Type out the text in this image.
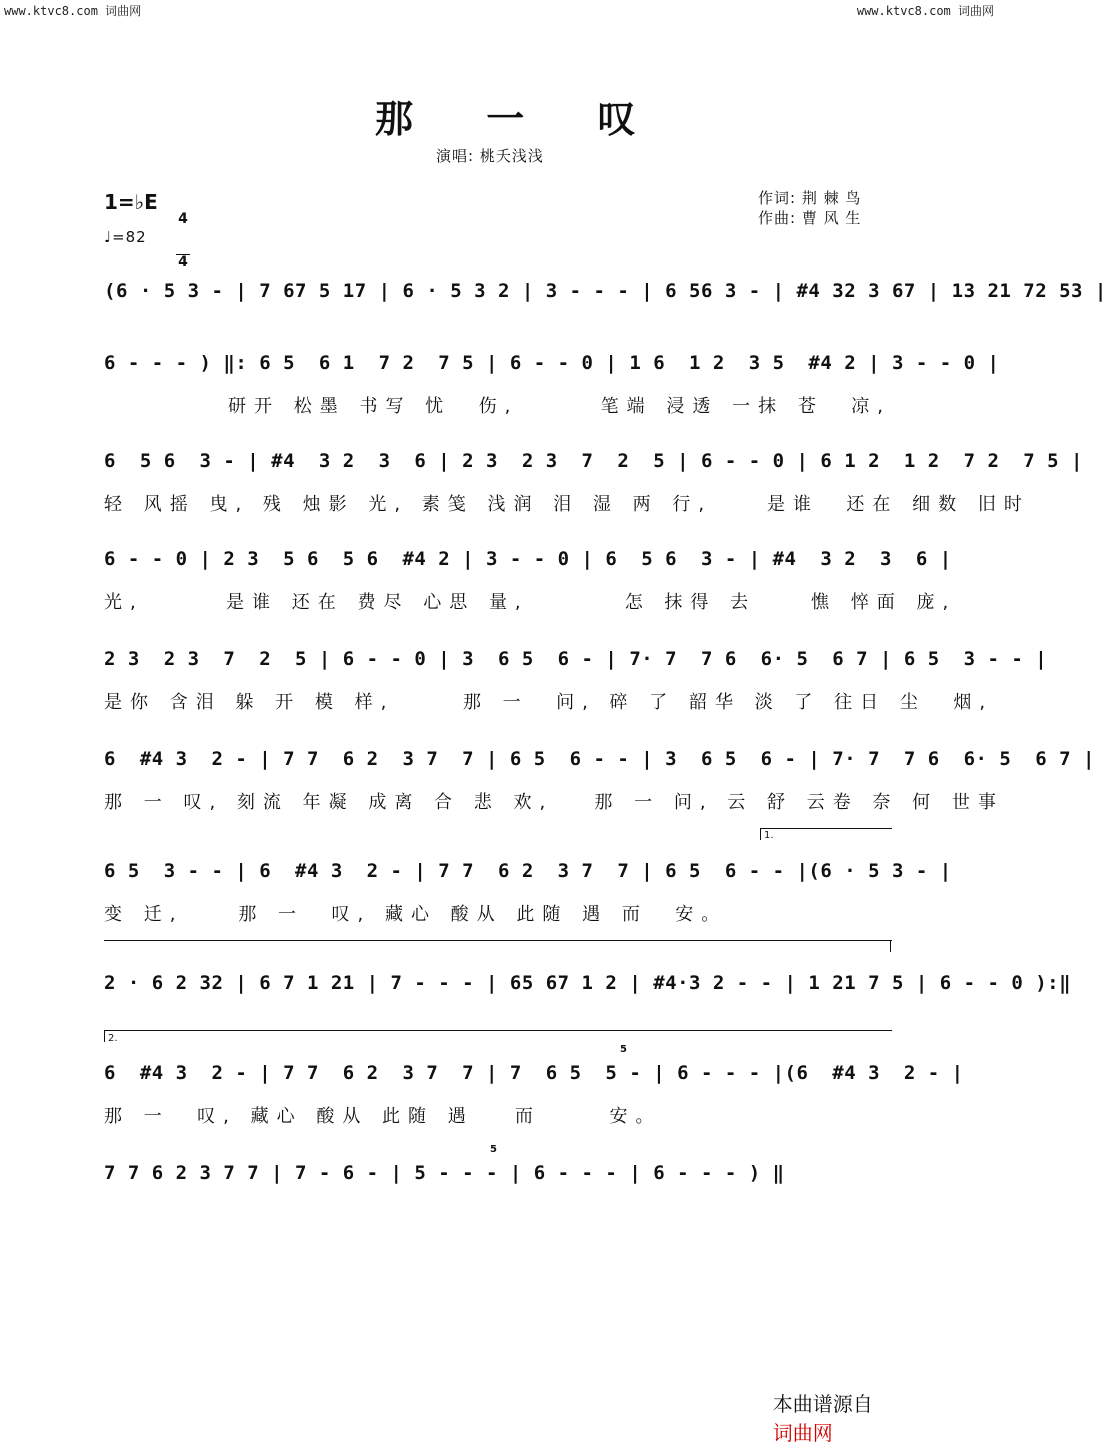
www.ktvc8.com 词曲网	www.ktvc8.com 词曲网
那 一 叹
演唱: 桃夭浅浅
1=♭E

4

4

♩=82
作词: 荆 棘 鸟
作曲: 曹 风 生
(6 · 5 3 - | 7 67 5 17 | 6 · 5 3 2 | 3 - - - | 6 56 3 - | #4 32 3 67 | 13 21 72 53 |
6 - - - ) ‖: 6 5  6 1  7 2  7 5 | 6 - - 0 | 1 6  1 2  3 5  #4 2 | 3 - - 0 |
研开 松墨 书写 忧  伤,      笔端 浸透 一抹 苍  凉,
6  5 6  3 - | #4  3 2  3  6 | 2 3  2 3  7  2  5 | 6 - - 0 | 6 1 2  1 2  7 2  7 5 |
轻 风摇 曳, 残 烛影 光, 素笺 浅润 泪 湿 两 行,    是谁  还在 细数 旧时
6 - - 0 | 2 3  5 6  5 6  #4 2 | 3 - - 0 | 6  5 6  3 - | #4  3 2  3  6 |
光,      是谁 还在 费尽 心思 量,       怎 抹得 去    憔 悴面 庞,
2 3  2 3  7  2  5 | 6 - - 0 | 3  6 5  6 - | 7· 7  7 6  6· 5  6 7 | 6 5  3 - - |
是你 含泪 躲 开 模 样,     那 一  问, 碎 了 韶华 淡 了 往日 尘  烟,
6  #4 3  2 - | 7 7  6 2  3 7  7 | 6 5  6 - - | 3  6 5  6 - | 7· 7  7 6  6· 5  6 7 |
那 一 叹, 刻流 年凝 成离 合 悲 欢,   那 一 问, 云 舒 云卷 奈 何 世事
1.
6 5  3 - - | 6  #4 3  2 - | 7 7  6 2  3 7  7 | 6 5  6 - - |(6 · 5 3 - |
变 迁,    那 一  叹, 藏心 酸从 此随 遇 而  安。
2 · 6 2 32 | 6 7 1 21 | 7 - - - | 65 67 1 2 | #4·3 2 - - | 1 21 7 5 | 6 - - 0 ):‖
2.
5
6  #4 3  2 - | 7 7  6 2  3 7  7 | 7  6 5  5 - | 6 - - - |(6  #4 3  2 - |
那 一  叹, 藏心 酸从 此随 遇   而     安。
5
7 7 6 2 3 7 7 | 7 - 6 - | 5 - - - | 6 - - - | 6 - - - ) ‖

本曲谱源自
词曲网
